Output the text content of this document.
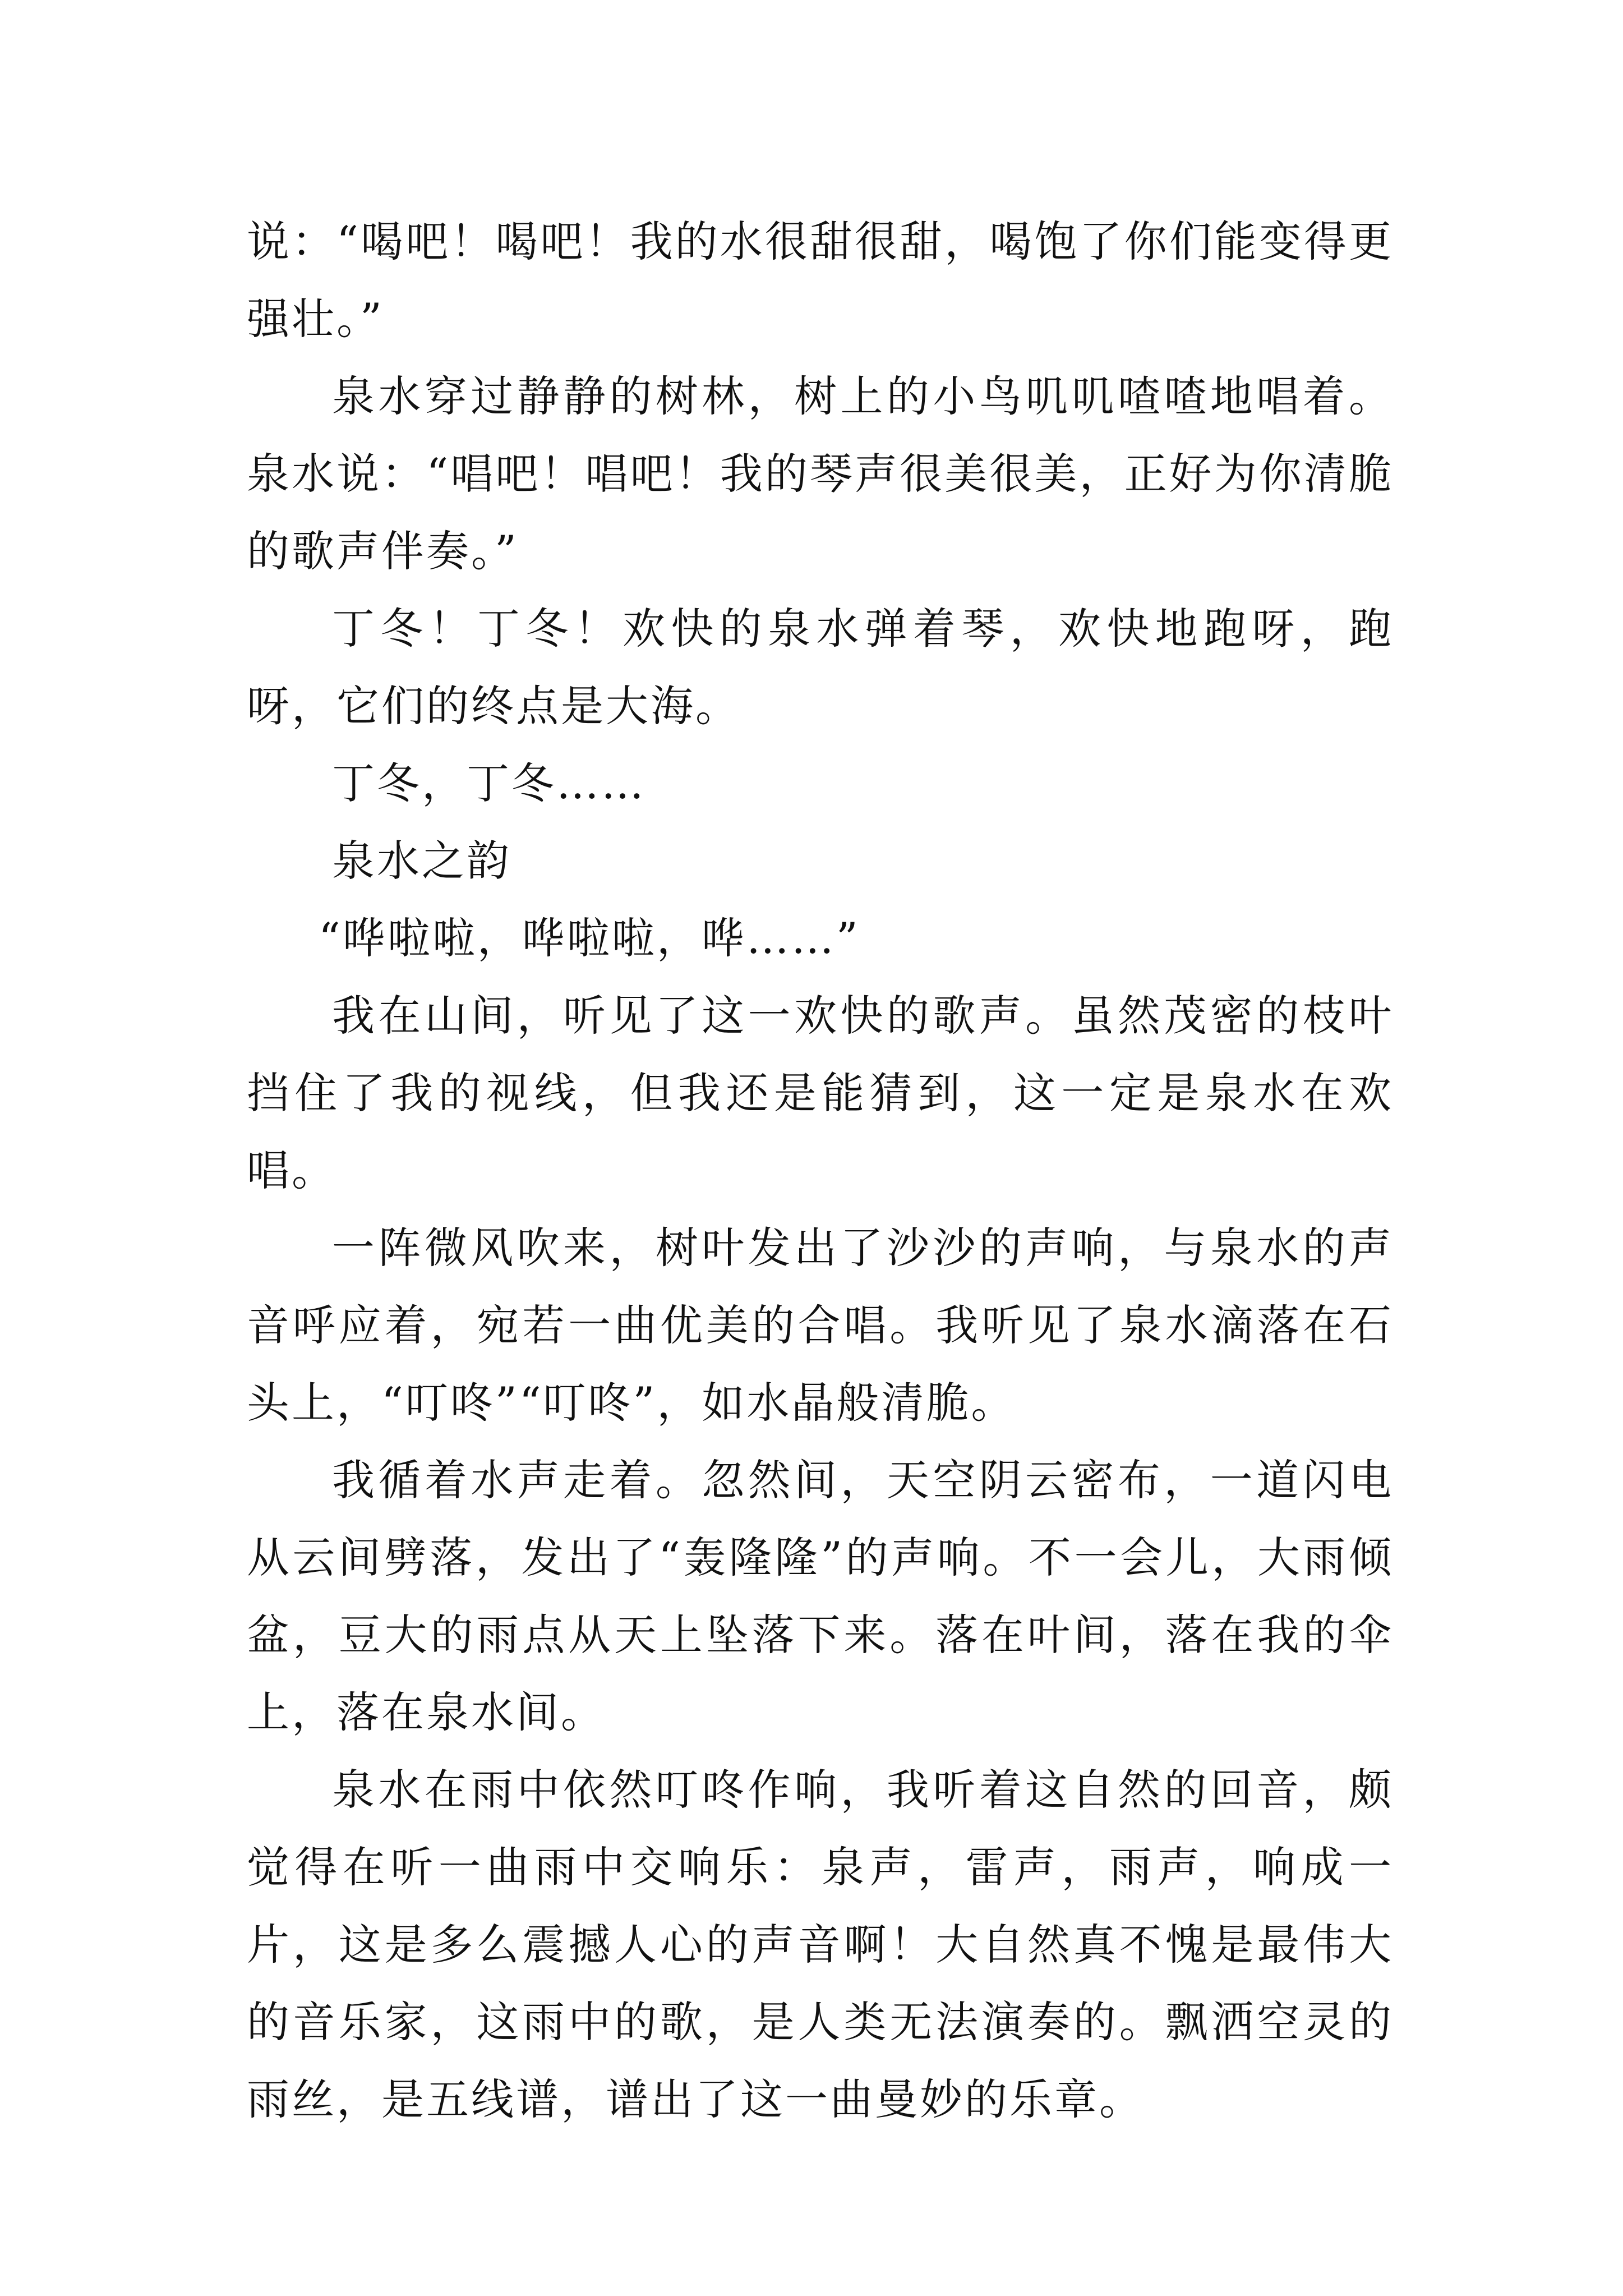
说：“喝吧！喝吧！我的水很甜很甜，喝饱了你们能变得更强壮。”

泉水穿过静静的树林，树上的小鸟叽叽喳喳地唱着。泉水说：“唱吧！唱吧！我的琴声很美很美，正好为你清脆的歌声伴奏。”

丁冬！丁冬！欢快的泉水弹着琴，欢快地跑呀，跑呀，它们的终点是大海。

丁冬，丁冬……

泉水之韵

“哗啦啦，哗啦啦，哗……”

我在山间，听见了这一欢快的歌声。虽然茂密的枝叶挡住了我的视线，但我还是能猜到，这一定是泉水在欢唱。

一阵微风吹来，树叶发出了沙沙的声响，与泉水的声音呼应着，宛若一曲优美的合唱。我听见了泉水滴落在石头上，“叮咚”“叮咚”，如水晶般清脆。

我循着水声走着。忽然间，天空阴云密布，一道闪电从云间劈落，发出了“轰隆隆”的声响。不一会儿，大雨倾盆，豆大的雨点从天上坠落下来。落在叶间，落在我的伞上，落在泉水间。

泉水在雨中依然叮咚作响，我听着这自然的回音，颇觉得在听一曲雨中交响乐：泉声，雷声，雨声，响成一片，这是多么震撼人心的声音啊！大自然真不愧是最伟大的音乐家，这雨中的歌，是人类无法演奏的。飘洒空灵的雨丝，是五线谱，谱出了这一曲曼妙的乐章。
